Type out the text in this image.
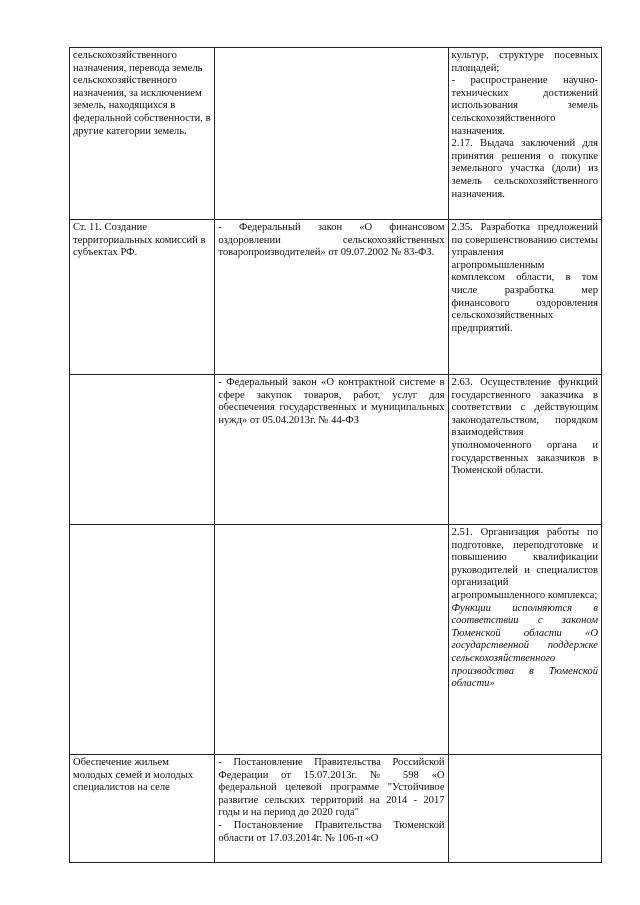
сельскохозяйственного назначения, перевода земель сельскохозяйственного назначения, за исключением земель, находящихся в федеральной собственности, в другие категории земель.		культур, структуре посевных площадей;
- распространение научно-технических достижений использования земель сельскохозяйственного назначения.
2.17. Выдача заключений для принятия решения о покупке земельного участка (доли) из земель сельскохозяйственного назначения.

Ст. 11. Создание территориальных комиссий в субъектах РФ.	- Федеральный закон «О финансовом оздоровлении сельскохозяйственных товаропроизводителей» от 09.07.2002 № 83-ФЗ.	2.35. Разработка предложений по совершенствованию системы управления агропромышленным комплексом области, в том числе разработка мер финансового оздоровления сельскохозяйственных предприятий.

	- Федеральный закон «О контрактной системе в сфере закупок товаров, работ, услуг для обеспечения государственных и муниципальных нужд» от 05.04.2013г. № 44-ФЗ	2.63. Осуществление функций государственного заказчика в соответствии с действующим законодательством, порядком взаимодействия уполномоченного органа и государственных заказчиков в Тюменской области.

		2.51. Организация работы по подготовке, переподготовке и повышению квалификации руководителей и специалистов организаций агропромышленного комплекса;
Функции исполняются в соответствии с законом Тюменской области «О государственной поддержке сельскохозяйственного производства в Тюменской области»

Обеспечение жильем молодых семей и молодых специалистов на селе	- Постановление Правительства Российской Федерации от 15.07.2013г. № 598 «О федеральной целевой программе "Устойчивое развитие сельских территорий на 2014 - 2017 годы и на период до 2020 года"
- Постановление Правительства Тюменской области от 17.03.2014г. № 106-п «О	
